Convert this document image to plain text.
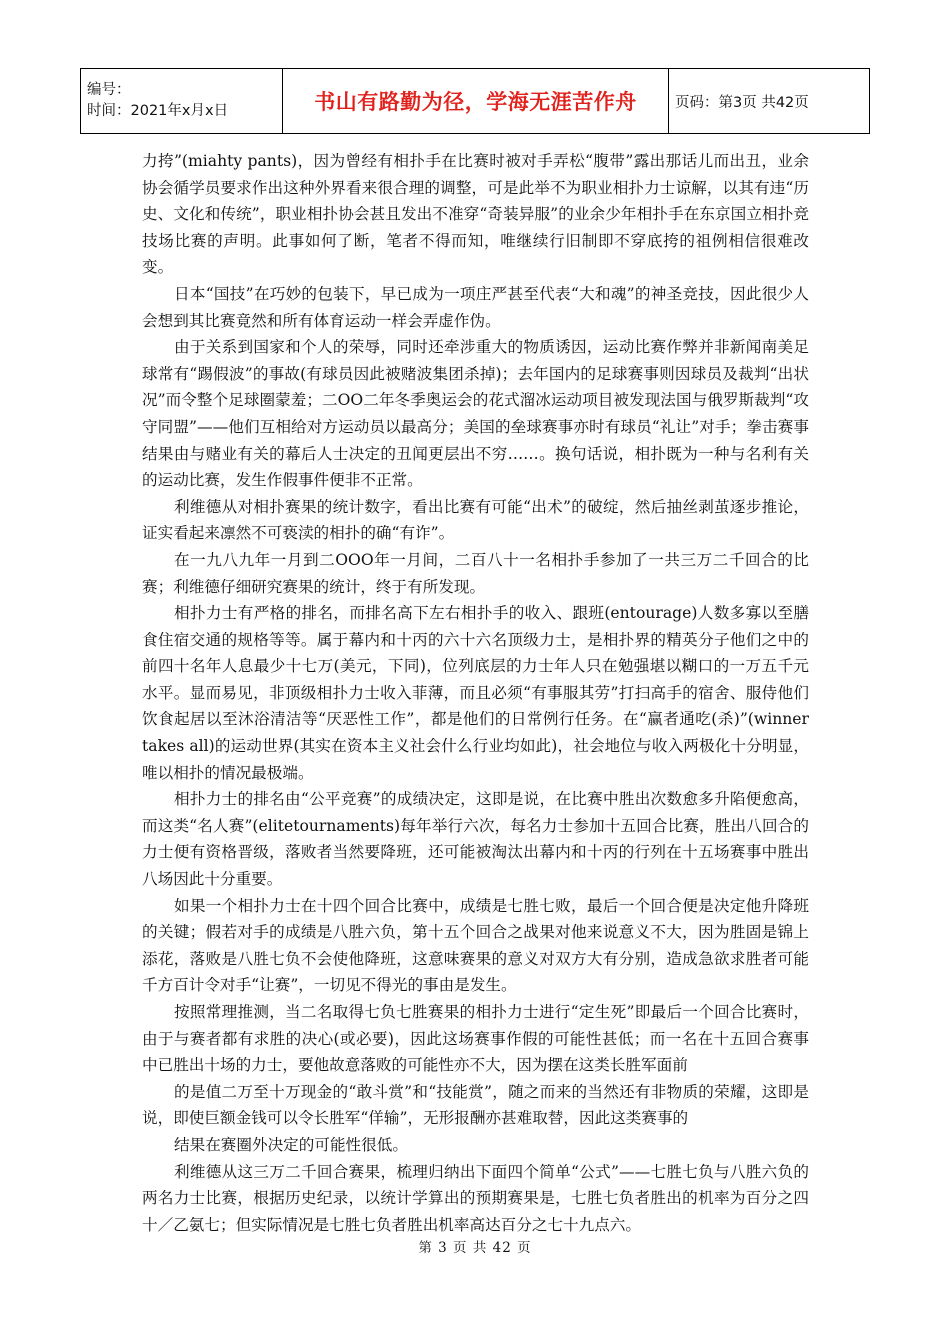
编号：
时间：2021年x月x日	书山有路勤为径，学海无涯苦作舟	页码：第3页 共42页

力挎”(miahty pants)，因为曾经有相扑手在比赛时被对手弄松“腹带”露出那话儿而出丑，业余协会循学员要求作出这种外界看来很合理的调整，可是此举不为职业相扑力士谅解，以其有违“历史、文化和传统”，职业相扑协会甚且发出不准穿“奇装异服”的业余少年相扑手在东京国立相扑竞技场比赛的声明。此事如何了断，笔者不得而知，唯继续行旧制即不穿底挎的祖例相信很难改变。

日本“国技”在巧妙的包装下，早已成为一项庄严甚至代表“大和魂”的神圣竞技，因此很少人会想到其比赛竟然和所有体育运动一样会弄虚作伪。

由于关系到国家和个人的荣辱，同时还牵涉重大的物质诱因，运动比赛作弊并非新闻南美足球常有“踢假波”的事故(有球员因此被赌波集团杀掉)；去年国内的足球赛事则因球员及裁判“出状况”而令整个足球圈蒙羞；二OO二年冬季奥运会的花式溜冰运动项目被发现法国与俄罗斯裁判“攻守同盟”——他们互相给对方运动员以最高分；美国的垒球赛事亦时有球员“礼让”对手；拳击赛事结果由与赌业有关的幕后人士决定的丑闻更层出不穷……。换句话说，相扑既为一种与名利有关的运动比赛，发生作假事件便非不正常。

利维德从对相扑赛果的统计数字，看出比赛有可能“出术”的破绽，然后抽丝剥茧逐步推论，证实看起来凛然不可亵渎的相扑的确“有诈”。

在一九八九年一月到二OOO年一月间，二百八十一名相扑手参加了一共三万二千回合的比赛；利维德仔细研究赛果的统计，终于有所发现。

相扑力士有严格的排名，而排名高下左右相扑手的收入、跟班(entourage)人数多寡以至膳食住宿交通的规格等等。属于幕内和十丙的六十六名顶级力士，是相扑界的精英分子他们之中的前四十名年人息最少十七万(美元，下同)，位列底层的力士年人只在勉强堪以糊口的一万五千元水平。显而易见，非顶级相扑力士收入菲薄，而且必须“有事服其劳”打扫高手的宿舍、服侍他们饮食起居以至沐浴清洁等“厌恶性工作”，都是他们的日常例行任务。在“赢者通吃(杀)”(winner takes all)的运动世界(其实在资本主义社会什么行业均如此)，社会地位与收入两极化十分明显，唯以相扑的情况最极端。

相扑力士的排名由“公平竞赛”的成绩决定，这即是说，在比赛中胜出次数愈多升陷便愈高，而这类“名人赛”(elitetournaments)每年举行六次，每名力士参加十五回合比赛，胜出八回合的力士便有资格晋级，落败者当然要降班，还可能被淘汰出幕内和十丙的行列在十五场赛事中胜出八场因此十分重要。

如果一个相扑力士在十四个回合比赛中，成绩是七胜七败，最后一个回合便是决定他升降班的关键；假若对手的成绩是八胜六负，第十五个回合之战果对他来说意义不大，因为胜固是锦上添花，落败是八胜七负不会使他降班，这意味赛果的意义对双方大有分别，造成急欲求胜者可能千方百计令对手“让赛”，一切见不得光的事由是发生。

按照常理推测，当二名取得七负七胜赛果的相扑力士进行“定生死”即最后一个回合比赛时，由于与赛者都有求胜的决心(或必要)，因此这场赛事作假的可能性甚低；而一名在十五回合赛事中已胜出十场的力士，要他故意落败的可能性亦不大，因为摆在这类长胜军面前

的是值二万至十万现金的“敢斗赏”和“技能赏”，随之而来的当然还有非物质的荣耀，这即是说，即使巨额金钱可以令长胜军“佯输”，无形报酬亦甚难取替，因此这类赛事的

结果在赛圈外决定的可能性很低。

利维德从这三万二千回合赛果，梳理归纳出下面四个简单“公式”——七胜七负与八胜六负的两名力士比赛，根据历史纪录，以统计学算出的预期赛果是，七胜七负者胜出的机率为百分之四十／乙氨七；但实际情况是七胜七负者胜出机率高达百分之七十九点六。

第 3 页 共 42 页
